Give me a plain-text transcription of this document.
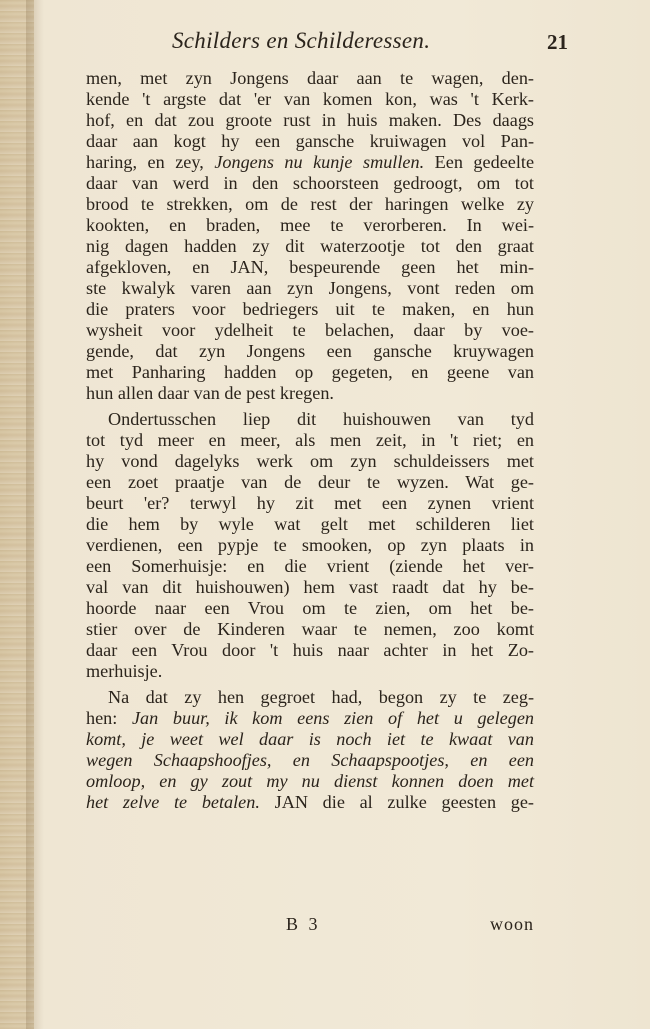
Schilders en Schilderessen.	21
men, met zyn Jongens daar aan te wagen, den-
kende 't argste dat 'er van komen kon, was 't Kerk-
hof, en dat zou groote rust in huis maken. Des daags
daar aan kogt hy een gansche kruiwagen vol Pan-
haring, en zey, Jongens nu kunje smullen. Een gedeelte
daar van werd in den schoorsteen gedroogt, om tot
brood te strekken, om de rest der haringen welke zy
kookten, en braden, mee te verorberen. In wei-
nig dagen hadden zy dit waterzootje tot den graat
afgekloven, en JAN, bespeurende geen het min-
ste kwalyk varen aan zyn Jongens, vont reden om
die praters voor bedriegers uit te maken, en hun
wysheit voor ydelheit te belachen, daar by voe-
gende, dat zyn Jongens een gansche kruywagen
met Panharing hadden op gegeten, en geene van
hun allen daar van de pest kregen.
Ondertusschen liep dit huishouwen van tyd
tot tyd meer en meer, als men zeit, in 't riet; en
hy vond dagelyks werk om zyn schuldeissers met
een zoet praatje van de deur te wyzen. Wat ge-
beurt 'er? terwyl hy zit met een zynen vrient
die hem by wyle wat gelt met schilderen liet
verdienen, een pypje te smooken, op zyn plaats in
een Somerhuisje: en die vrient (ziende het ver-
val van dit huishouwen) hem vast raadt dat hy be-
hoorde naar een Vrou om te zien, om het be-
stier over de Kinderen waar te nemen, zoo komt
daar een Vrou door 't huis naar achter in het Zo-
merhuisje.
Na dat zy hen gegroet had, begon zy te zeg-
hen: Jan buur, ik kom eens zien of het u gelegen
komt, je weet wel daar is noch iet te kwaat van
wegen Schaapshoofjes, en Schaapspootjes, en een
omloop, en gy zout my nu dienst konnen doen met
het zelve te betalen. JAN die al zulke geesten ge-
B 3	woon
